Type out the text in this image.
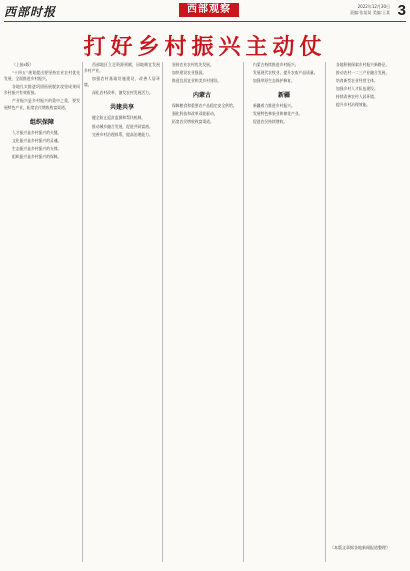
西部时报	西部观察	2022年12月30日
责编:张某某 美编:王某 3
打好乡村振兴主动仗

（上接4版）

“十四五”规划提出要坚持农业农村优先发展，全面推进乡村振兴。

各地扎实推进巩固拓展脱贫攻坚成果同乡村振兴有效衔接。

产业振兴是乡村振兴的重中之重，要发展特色产业，拓宽农民增收致富渠道。

组织保障

人才振兴是乡村振兴的关键。

文化振兴是乡村振兴的灵魂。

生态振兴是乡村振兴的支撑。

组织振兴是乡村振兴的保障。

西部地区立足资源禀赋，因地制宜发展乡村产业。

加强农村基础设施建设，改善人居环境。

深化农村改革，激发农村发展活力。

共建共享

健全防止返贫监测和帮扶机制。

推动城乡融合发展，促进共同富裕。

完善乡村治理体系，提高治理能力。

坚持农业农村优先发展。

加快建设农业强国。

推进宜居宜业和美乡村建设。

内蒙古

保障粮食和重要农产品稳定安全供给。

强化科技和改革双轮驱动。

拓宽农民增收致富渠道。

内蒙古持续推进乡村振兴。

发展现代农牧业，提升农畜产品质量。

加强草原生态保护修复。

新疆

新疆着力推进乡村振兴。

发展特色林果业和棉花产业。

促进农民持续增收。

各地积极探索乡村振兴新路径。

推动农村一二三产业融合发展。

培育新型农业经营主体。

加强乡村人才队伍建设。

持续改善农村人居环境。

提升乡村治理效能。

（本版文章据各地新闻报道整理）
